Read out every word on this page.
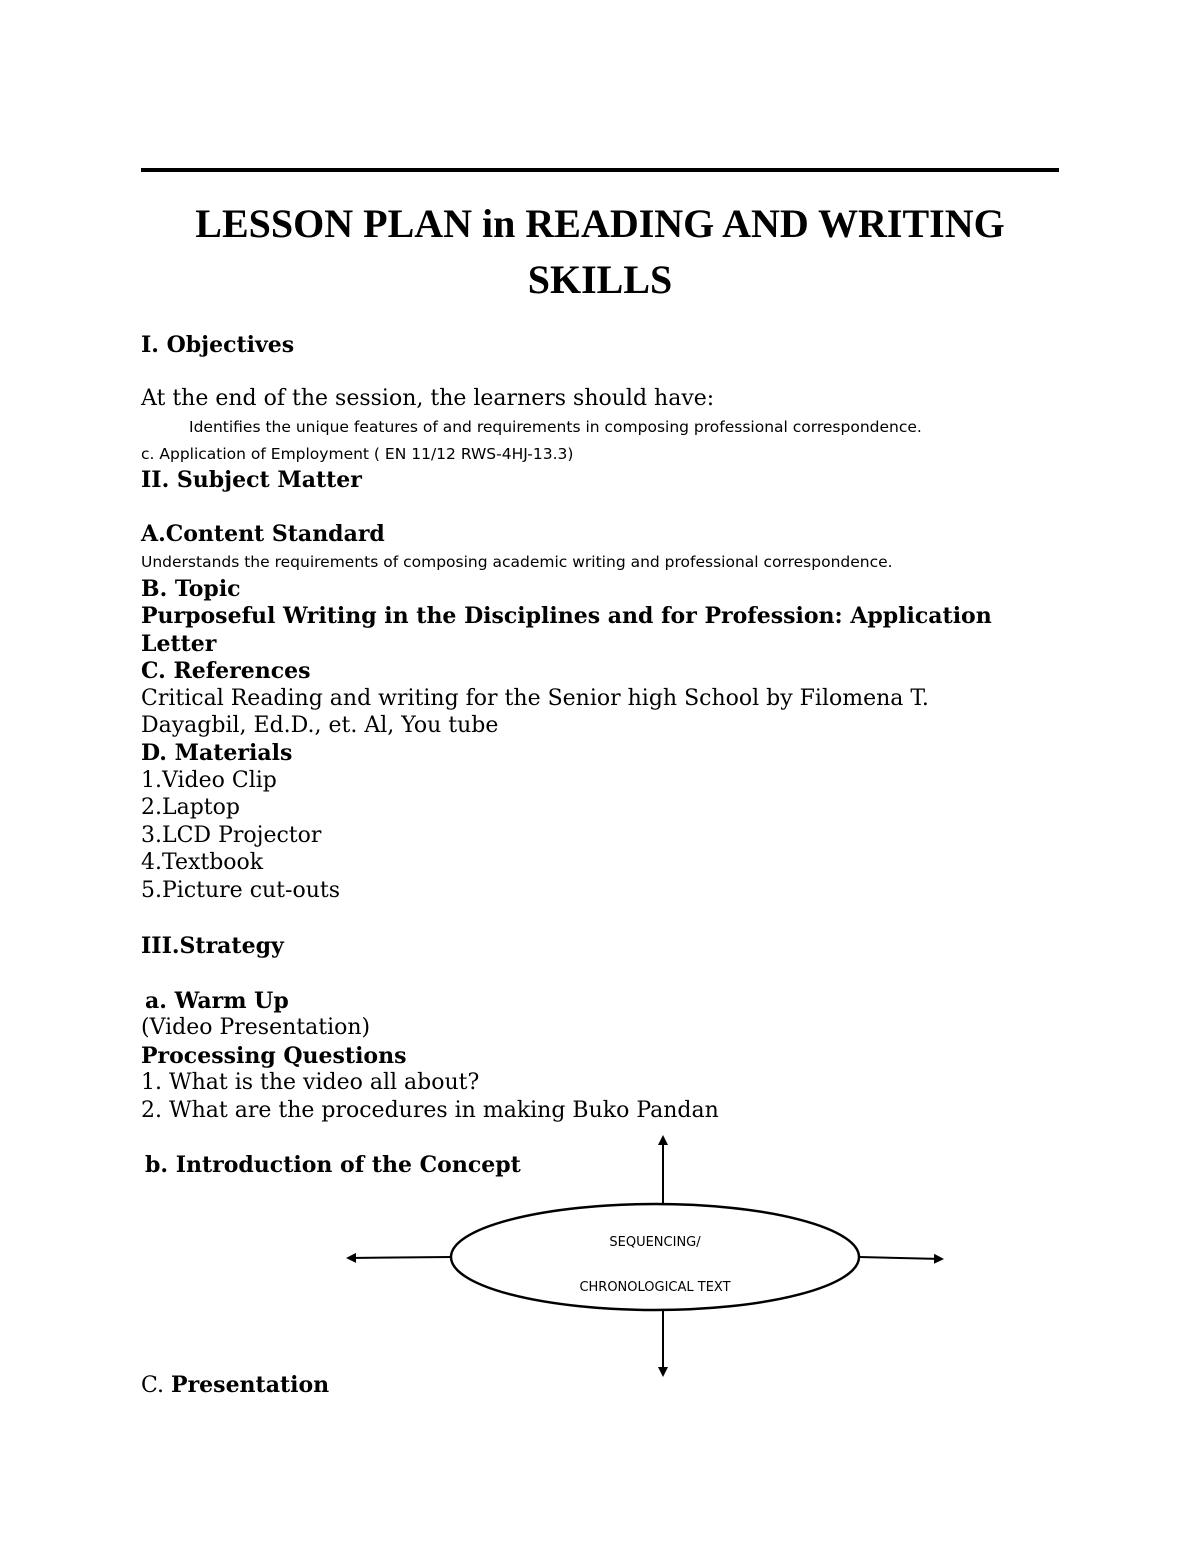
LESSON PLAN in READING AND WRITING SKILLS

I. Objectives

At the end of the session, the learners should have:

Identifies the unique features of and requirements in composing professional correspondence.

c. Application of Employment ( EN 11/12 RWS-4HJ-13.3)

II. Subject Matter

A.Content Standard

Understands the requirements of composing academic writing and professional correspondence.

B. Topic

Purposeful Writing in the Disciplines and for Profession: Application

Letter

C. References

Critical Reading and writing for the Senior high School by Filomena T.

Dayagbil, Ed.D., et. Al, You tube

D. Materials

1.Video Clip

2.Laptop

3.LCD Projector

4.Textbook

5.Picture cut-outs

III.Strategy

a. Warm Up

(Video Presentation)

Processing Questions

1. What is the video all about?

2. What are the procedures in making Buko Pandan

b. Introduction of the Concept

SEQUENCING/
CHRONOLOGICAL TEXT

C. Presentation
